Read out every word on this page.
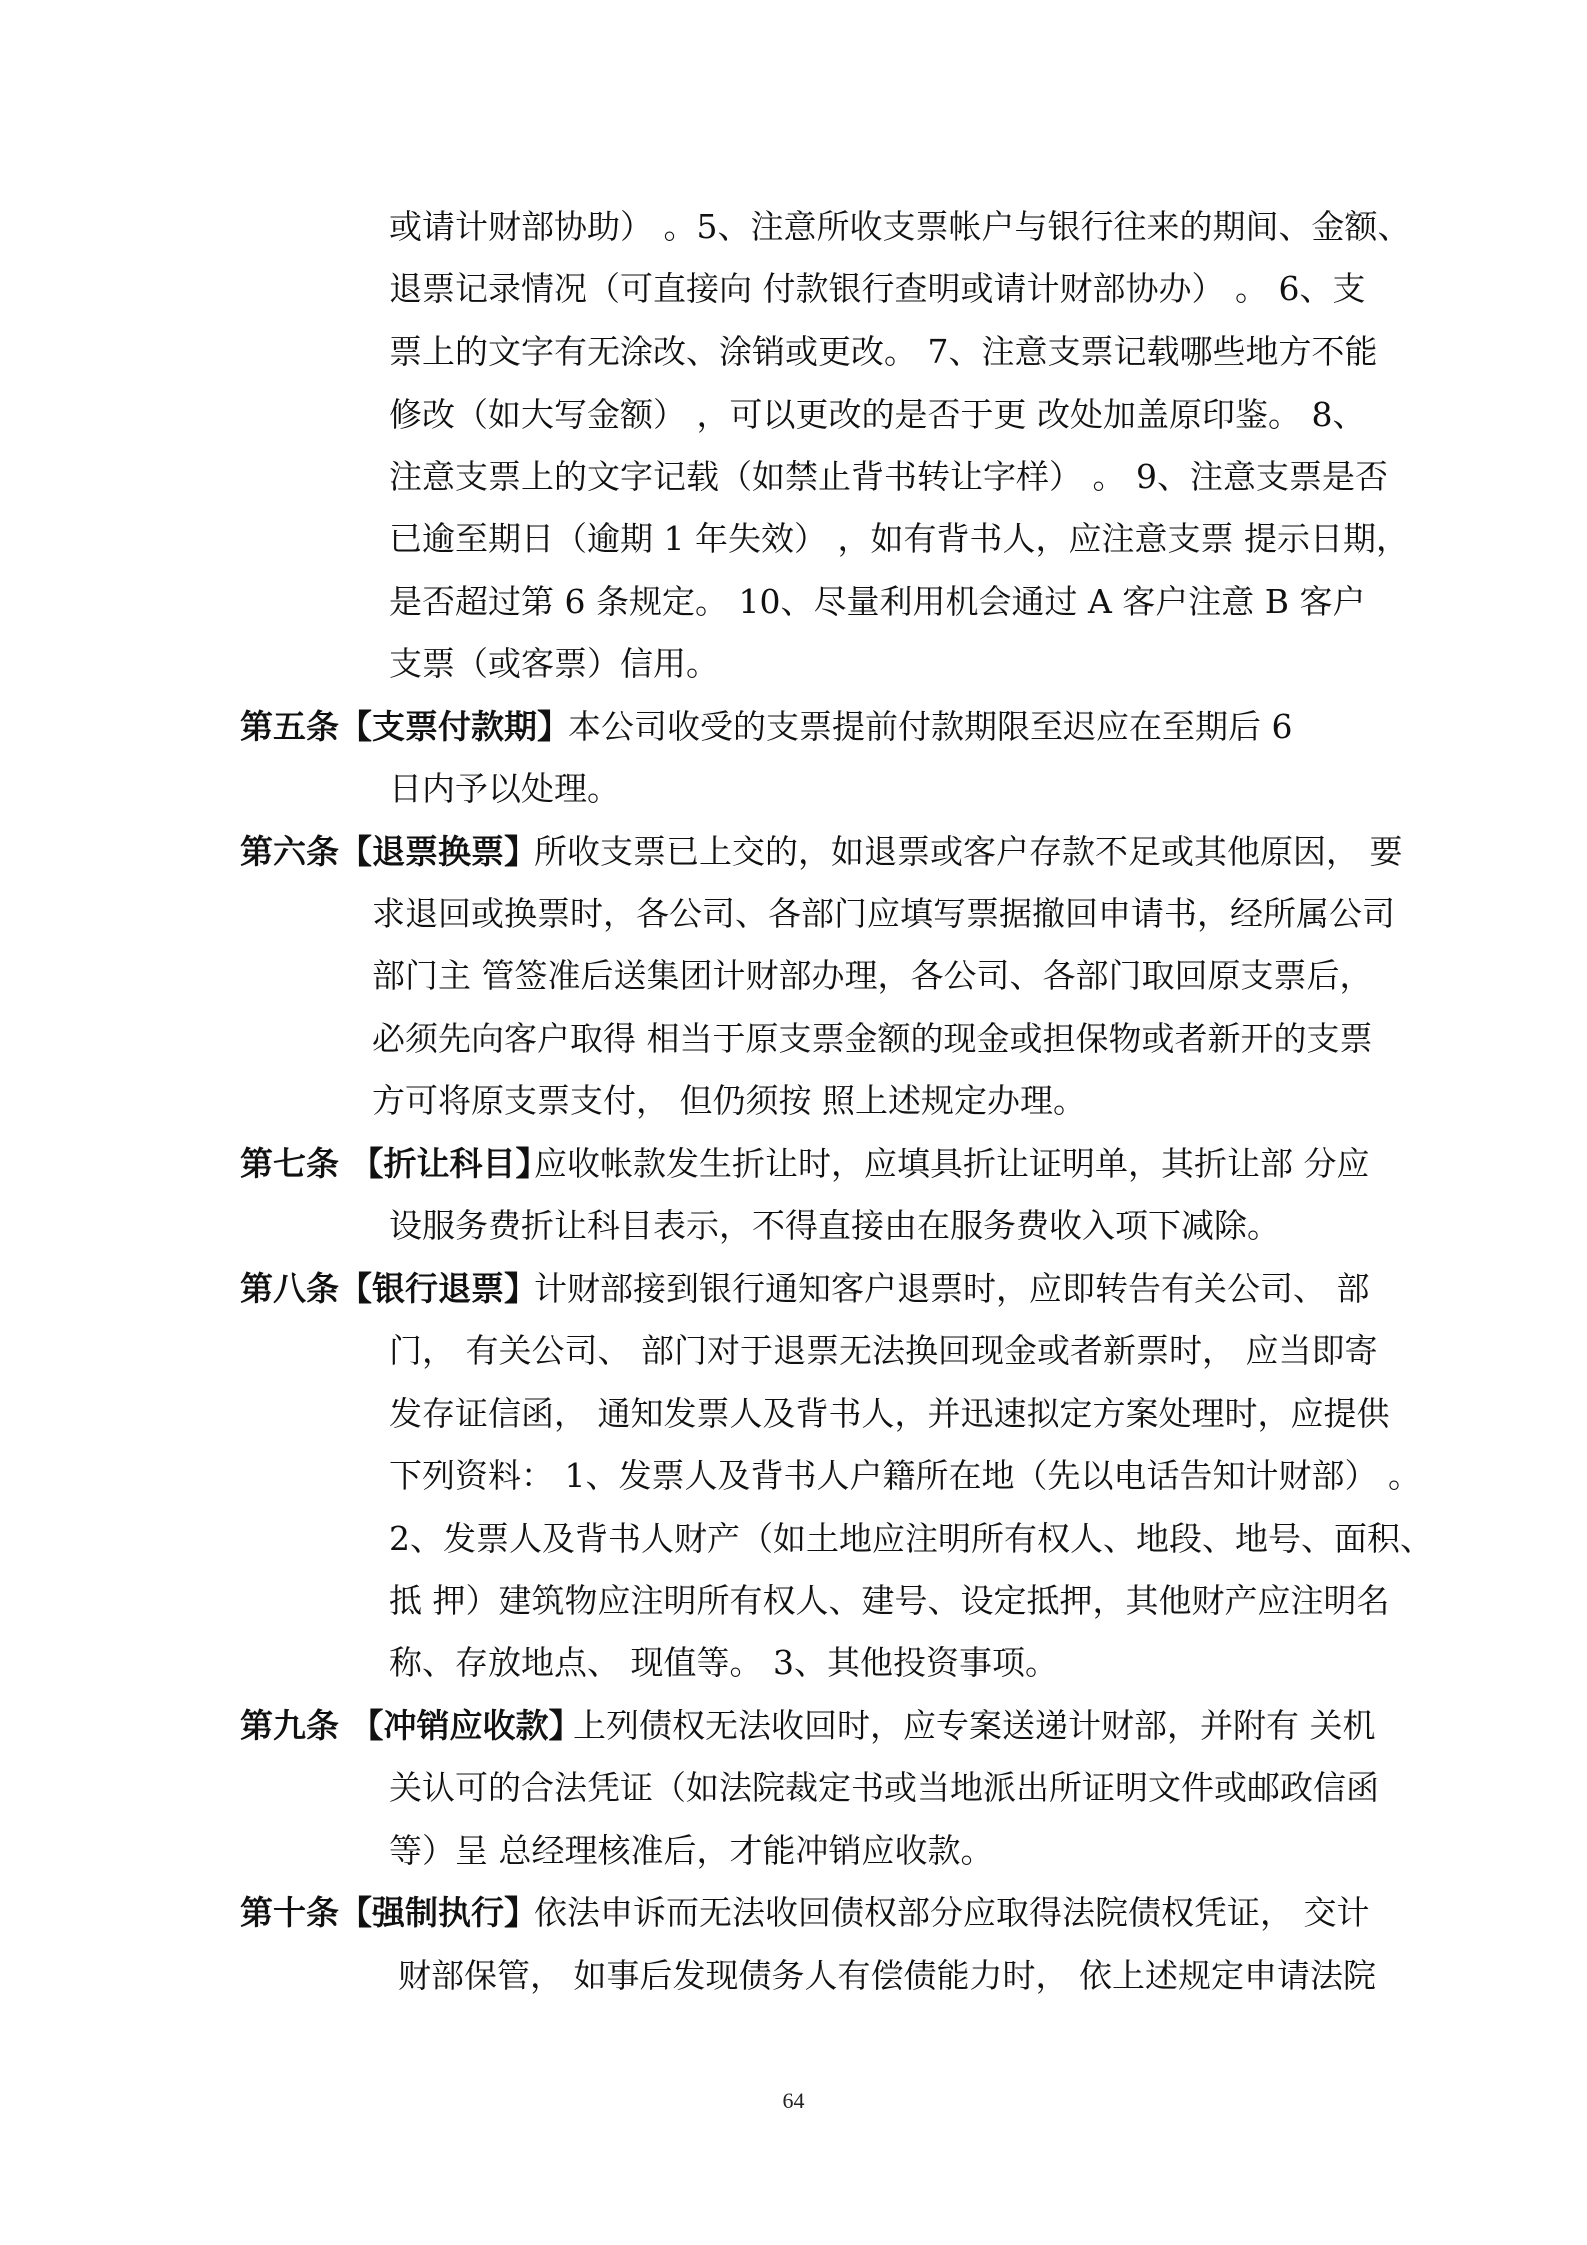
或请计财部协助） 。5、注意所收支票帐户与银行往来的期间、金额、
退票记录情况（可直接向 付款银行查明或请计财部协办） 。 6、支
票上的文字有无涂改、涂销或更改。 7、注意支票记载哪些地方不能
修改（如大写金额） ，可以更改的是否于更 改处加盖原印鉴。 8、
注意支票上的文字记载（如禁止背书转让字样） 。 9、注意支票是否
已逾至期日（逾期 1 年失效） ，如有背书人，应注意支票 提示日期，
是否超过第 6 条规定。 10、尽量利用机会通过 A 客户注意 B 客户
支票（或客票）信用。
第五条【支票付款期】
本公司收受的支票提前付款期限至迟应在至期后 6
日内予以处理。
第六条【退票换票】
所收支票已上交的，如退票或客户存款不足或其他原因， 要
求退回或换票时，各公司、各部门应填写票据撤回申请书，经所属公司
部门主 管签准后送集团计财部办理，各公司、各部门取回原支票后，
必须先向客户取得 相当于原支票金额的现金或担保物或者新开的支票
方可将原支票支付， 但仍须按 照上述规定办理。
第七条 【折让科目】
应收帐款发生折让时，应填具折让证明单，其折让部 分应
设服务费折让科目表示，不得直接由在服务费收入项下减除。
第八条【银行退票】
计财部接到银行通知客户退票时，应即转告有关公司、 部
门， 有关公司、 部门对于退票无法换回现金或者新票时， 应当即寄
发存证信函， 通知发票人及背书人，并迅速拟定方案处理时，应提供
下列资料： 1、发票人及背书人户籍所在地（先以电话告知计财部） 。
2、发票人及背书人财产（如土地应注明所有权人、地段、地号、面积、
抵 押）建筑物应注明所有权人、建号、设定抵押，其他财产应注明名
称、存放地点、 现值等。 3、其他投资事项。
第九条 【冲销应收款】
上列债权无法收回时，应专案送递计财部，并附有 关机
关认可的合法凭证（如法院裁定书或当地派出所证明文件或邮政信函
等）呈 总经理核准后，才能冲销应收款。
第十条【强制执行】
依法申诉而无法收回债权部分应取得法院债权凭证， 交计
财部保管， 如事后发现债务人有偿债能力时， 依上述规定申请法院
64
